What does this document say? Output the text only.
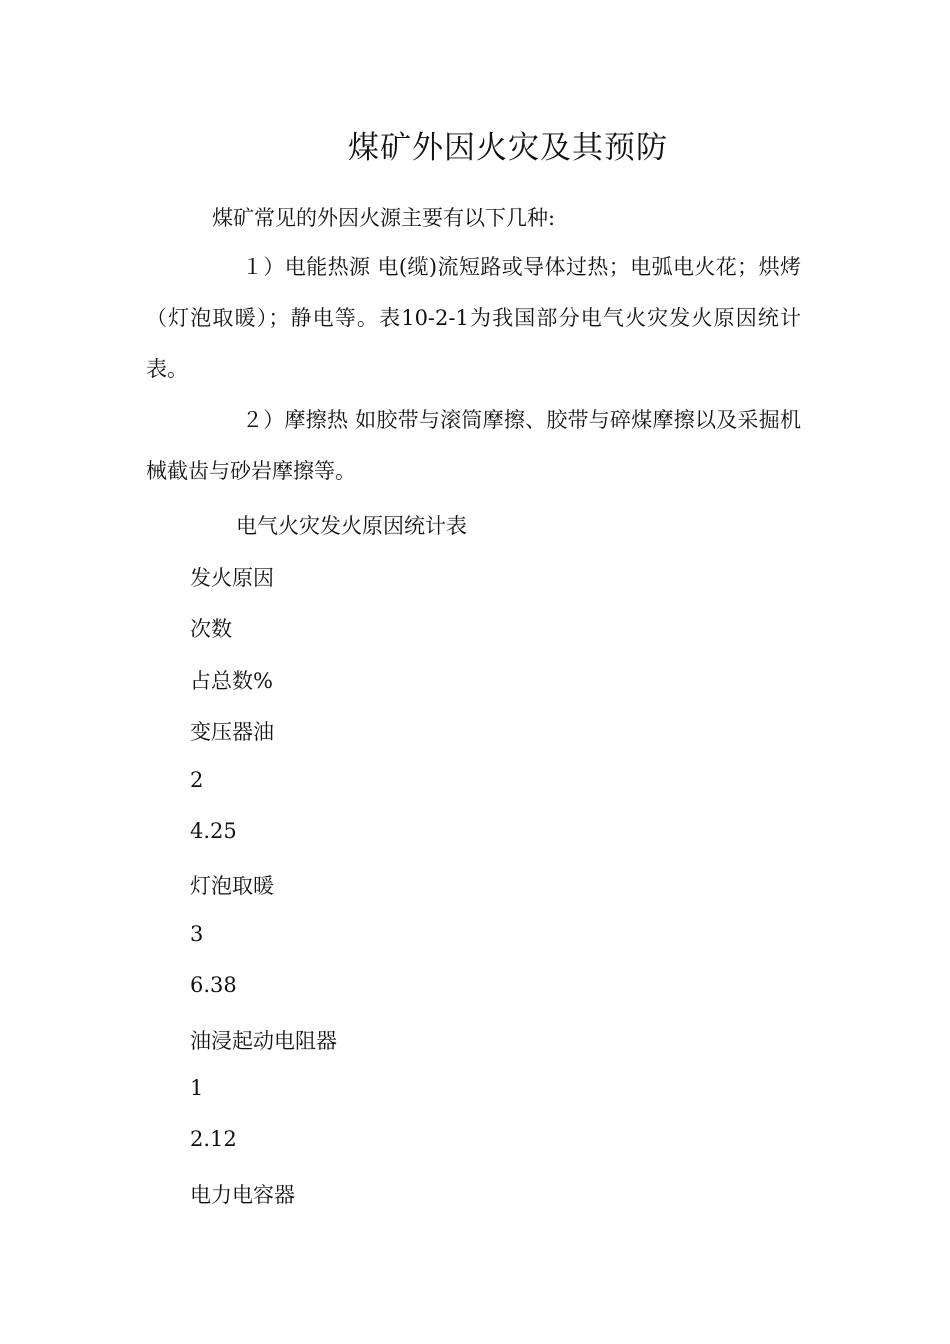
煤矿外因火灾及其预防
煤矿常见的外因火源主要有以下几种:
１）电能热源 电(缆)流短路或导体过热；电弧电火花；烘烤（灯泡取暖）；静电等。表10-2-1为我国部分电气火灾发火原因统计表。
２）摩擦热 如胶带与滚筒摩擦、胶带与碎煤摩擦以及采掘机械截齿与砂岩摩擦等。
电气火灾发火原因统计表
发火原因
次数
占总数%
变压器油
2
4.25
灯泡取暖
3
6.38
油浸起动电阻器
1
2.12
电力电容器
